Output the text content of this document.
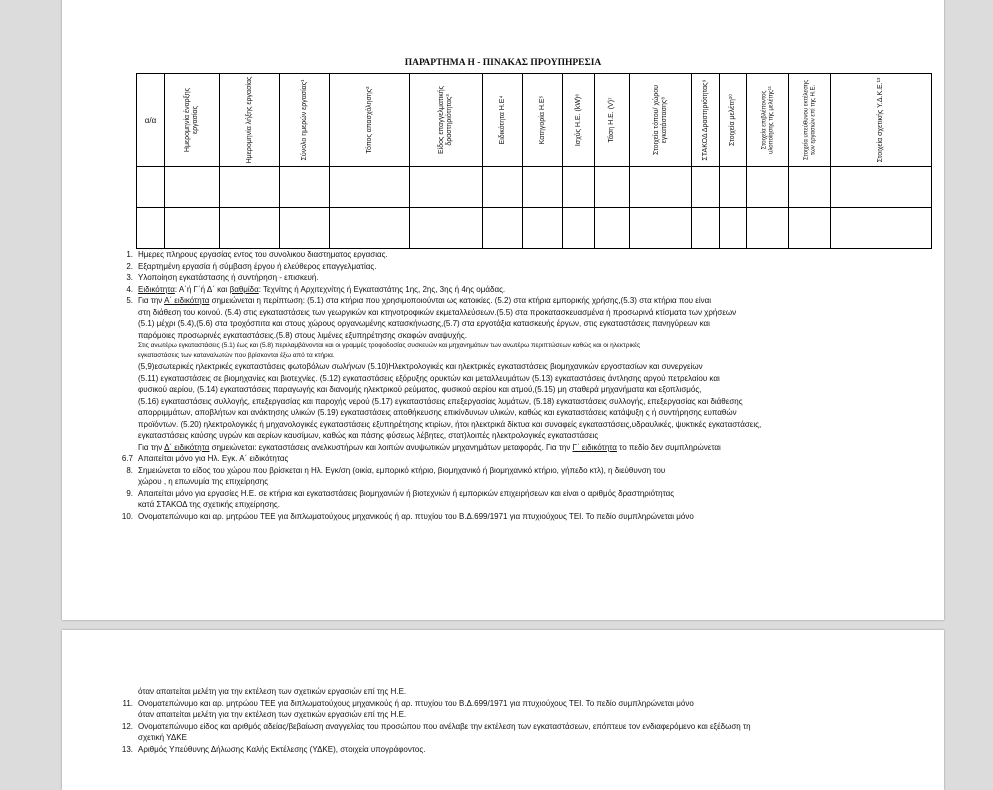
ΠΑΡΑΡΤΗΜΑ Η - ΠΙΝΑΚΑΣ ΠΡΟΥΠΗΡΕΣΙΑ
α/α	Ημερομηνία έναρξης εργασίας	Ημερομηνία λήξης εργασίας	Σύνολο ημερών εργασίας¹	Τόπος απασχόλησης²	Είδος επαγγελματικής δραστηριότητας³	Ειδικότητα Η.Ε⁴	Κατηγορία Η.Ε⁵	Ισχύς Η.Ε. (kW)⁶	Τάση Η.Ε. (V)⁷	Στοιχεία τόπου/ χώρου εγκατάστασης⁸	ΣΤΑΚΟΔ Δραστηριότητας⁹	Στοιχεία μελέτη¹⁰	Στοιχεία επιβλέποντος υλοποίησης της μελέτης¹¹	Στοιχεία υπεύθυνου εκτέλεσης των εργασιών επί της Η.Ε.	Στοιχεία σχετικής Υ.Δ.Κ.Ε.¹³

1. Ημερες πληρους εργασίας εντος του συνολικου διαστηματος εργασιας.
2. Εξαρτημένη εργασία ή σύμβαση έργου ή ελεύθερος επαγγελματίας.
3. Υλοποίηση εγκατάστασης ή συντήρηση - επισκευή.
4. Ειδικότητα: Α΄ή Γ΄ή Δ΄ και βαθμίδα: Τεχνίτης ή Αρχιτεχνίτης ή Εγκαταστάτης 1ης, 2ης, 3ης ή 4ης ομάδας.
5. Για την Α΄ ειδικότητα σημειώνεται η περίπτωση: (5.1) στα κτήρια που χρησιμοποιούνται ως κατοικίες. (5.2) στα κτήρια εμπορικής χρήσης,(5.3) στα κτήρια που είναι
στη διάθεση του κοινού. (5.4) στις εγκαταστάσεις των γεωργικών και κτηνοτροφικών εκμεταλλεύσεων.(5.5) στα προκατασκευασμένα ή προσωρινά κτίσματα των χρήσεων
(5.1) μέχρι (5.4),(5.6) στα τροχόσπιτα και στους χώρους οργανωμένης κατασκήνωσης,(5.7) στα εργοτάξια κατασκευής έργων, στις εγκαταστάσεις πανηγύρεων και
παρόμοιες προσωρινές εγκαταστάσεις.(5.8) στους λιμένες εξυπηρέτησης σκαφών αναψυχής.
Στις ανωτέρω εγκαταστάσεις (5.1) έως και (5.8) περιλαμβάνονται και οι γραμμές τροφοδοσίας συσκευών και μηχανημάτων των ανωτέρω περιπτώσεων καθώς και οι ηλεκτρικές
εγκαταστάσεις των καταναλωτών που βρίσκονται έξω από τα κτήρια.
(5,9)εσωτερικές ηλεκτρικές εγκαταστάσεις φωτοβόλων σωλήνων (5.10)Ηλεκτρολογικές και ηλεκτρικές εγκαταστάσεις βιομηχανικών εργοστασίων και συνεργείων
(5.11) εγκαταστάσεις σε βιομηχανίες και βιοτεχνίες. (5.12) εγκαταστάσεις εξόρυξης ορυκτών και μεταλλευμάτων (5.13) εγκαταστάσεις άντλησης αργού πετρελαίου και
φυσικού αερίου, (5.14) εγκαταστάσεις παραγωγής και διανομής ηλεκτρικού ρεύματος, φυσικού αερίου και ατμού,(5.15) μη σταθερά μηχανήματα και εξοπλισμός,
(5.16) εγκαταστάσεις συλλογής, επεξεργασίας και παροχής νερού (5.17) εγκαταστάσεις επεξεργασίας λυμάτων, (5.18) εγκαταστάσεις συλλογής, επεξεργασίας και διάθεσης
απορριμμάτων, αποβλήτων και ανάκτησης υλικών (5.19) εγκαταστάσεις αποθήκευσης επικίνδυνων υλικών, καθώς και εγκαταστάσεις κατάψυξη ς ή συντήρησης ευπαθών
προϊόντων. (5.20) ηλεκτρολογικές ή μηχανολογικές εγκαταστάσεις εξυπηρέτησης κτιρίων, ήτοι ηλεκτρικά δίκτυα και συναφείς εγκαταστάσεις,υδραυλικές, ψυκτικές εγκαταστάσεις,
εγκαταστάσεις καύσης υγρών και αερίων καυσίμων, καθώς και πάσης φύσεως λέβητες, στατ)λοιπές ηλεκτρολογικές εγκαταστάσεις
Για την Δ΄ ειδικότητα σημειώνεται: εγκαταστάσεις ανελκυστήρων και λοιπών ανυψωτικών μηχανημάτων μεταφοράς. Για την Γ΄ ειδικότητα το πεδίο δεν συμπληρώνεται
6.7 Απαιτείται μόνο για Ηλ. Εγκ. Α΄ ειδικότητας
8. Σημειώνεται το είδος του χώρου που βρίσκεται η Ηλ. Εγκ/ση (οικία, εμπορικό κτήριο, βιομηχανικό ή βιομηχανικό κτήριο, γήπεδο κτλ), η διεύθυνση του
χώρου , η επωνυμία της επιχείρησης
9. Απαιτείται μόνο για εργασίες Η.Ε. σε κτήρια και εγκαταστάσεις βιομηχανιών ή βιοτεχνιών ή εμπορικών επιχειρήσεων και είναι ο αριθμός δραστηριότητας
κατά ΣΤΑΚΟΔ της σχετικής επιχείρησης.
10. Ονοματεπώνυμο και αρ. μητρώου ΤΕΕ για διπλωματούχους μηχανικούς ή αρ. πτυχίου του Β.Δ.699/1971 για πτυχιούχους ΤΕΙ. Το πεδίο συμπληρώνεται μόνο
όταν απαιτείται μελέτη για την εκτέλεση των σχετικών εργασιών επί της Η.Ε.
11. Ονοματεπώνυμο και αρ. μητρώου ΤΕΕ για διπλωματούχους μηχανικούς ή αρ. πτυχίου του Β.Δ.699/1971 για πτυχιούχους ΤΕΙ. Το πεδίο συμπληρώνεται μόνο
όταν απαιτείται μελέτη για την εκτέλεση των σχετικών εργασιών επί της Η.Ε.
12. Ονοματεπώνυμο είδος και αριθμός αδείας/βεβαίωση αναγγελίας του προσώπου που ανέλαβε την εκτέλεση των εγκαταστάσεων, επόπτευε τον ενδιαφερόμενο και εξέδωση τη
σχετική ΥΔΚΕ
13. Αριθμός Υπεύθυνης Δήλωσης Καλής Εκτέλεσης (ΥΔΚΕ), στοιχεία υπογράφοντος.
